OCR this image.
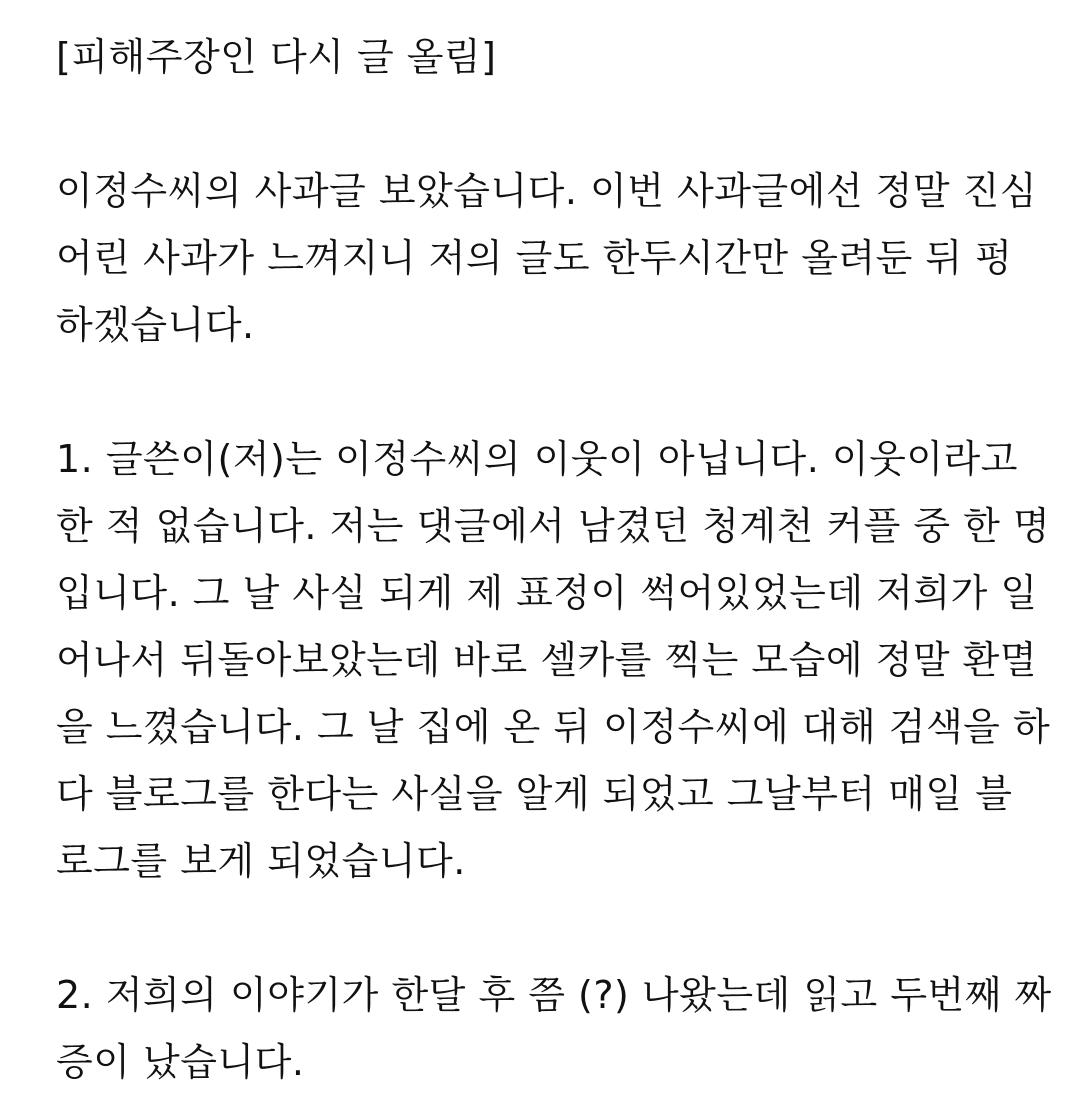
[피해주장인 다시 글 올림]
이정수씨의 사과글 보았습니다. 이번 사과글에선 정말 진심
어린 사과가 느껴지니 저의 글도 한두시간만 올려둔 뒤 펑
하겠습니다.
1. 글쓴이(저)는 이정수씨의 이웃이 아닙니다. 이웃이라고
한 적 없습니다. 저는 댓글에서 남겼던 청계천 커플 중 한 명
입니다. 그 날 사실 되게 제 표정이 썩어있었는데 저희가 일
어나서 뒤돌아보았는데 바로 셀카를 찍는 모습에 정말 환멸
을 느꼈습니다. 그 날 집에 온 뒤 이정수씨에 대해 검색을 하
다 블로그를 한다는 사실을 알게 되었고 그날부터 매일 블
로그를 보게 되었습니다.
2. 저희의 이야기가 한달 후 쯤 (?) 나왔는데 읽고 두번째 짜
증이 났습니다.
